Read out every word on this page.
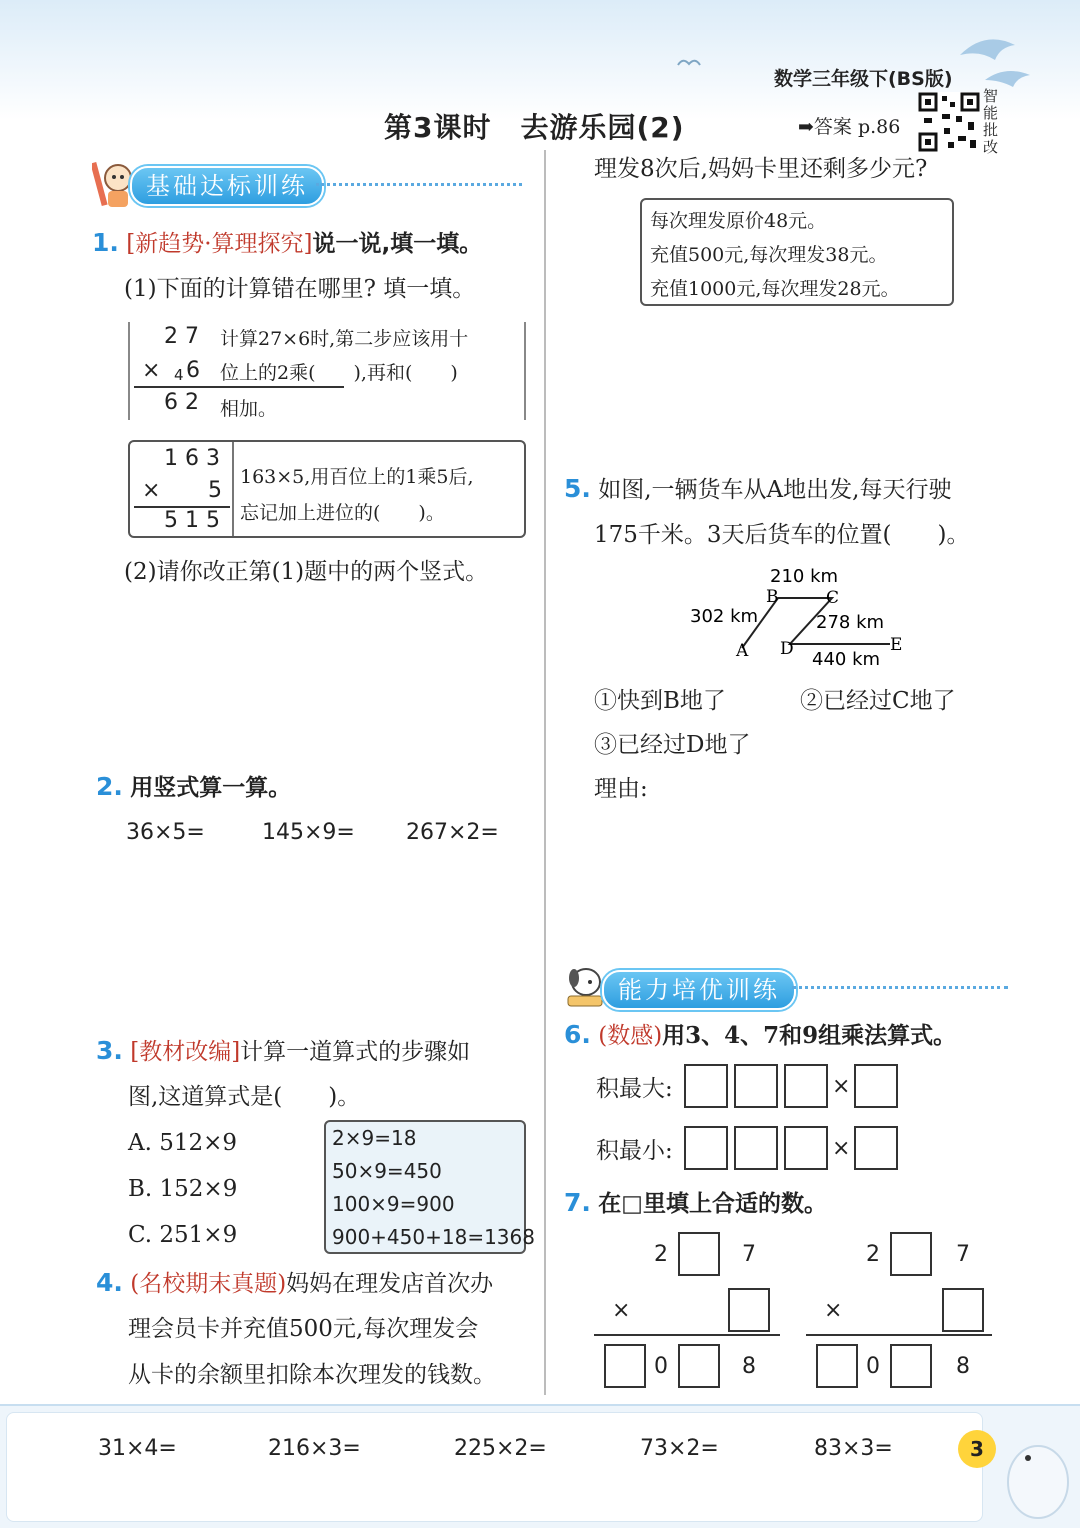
数学三年级下(BS版)
第3课时　去游乐园(2)	➡答案 p.86
智能批改
基础达标训练
1. [新趋势·算理探究]说一说,填一填。
(1)下面的计算错在哪里? 填一填。
2 7
× 4 6
6 2
计算27×6时,第二步应该用十
位上的2乘(　　),再和(　　)
相加。
1 6 3
× 5
5 1 5
163×5,用百位上的1乘5后,
忘记加上进位的(　　)。
(2)请你改正第(1)题中的两个竖式。
2. 用竖式算一算。
36×5=	145×9= 267×2=
3. [教材改编]计算一道算式的步骤如
图,这道算式是(　　)。
A. 512×9
B. 152×9
C. 251×9
2×9=18
50×9=450
100×9=900
900+450+18=1368
4. (名校期末真题)妈妈在理发店首次办
理会员卡并充值500元,每次理发会
从卡的余额里扣除本次理发的钱数。
理发8次后,妈妈卡里还剩多少元?
每次理发原价48元。
充值500元,每次理发38元。
充值1000元,每次理发28元。
5. 如图,一辆货车从A地出发,每天行驶
175千米。3天后货车的位置(　　)。
210 km
B	C
302 km	278 km
A D	E
440 km
①快到B地了	②已经过C地了
③已经过D地了
理由:
能力培优训练
6. (数感)用3、4、7和9组乘法算式。
积最大:	×
积最小:	×
7. 在□里填上合适的数。
2	7
×
0	8
2	7
×
0	8
31×4=	216×3=	225×2=	73×2=	83×3=	3
